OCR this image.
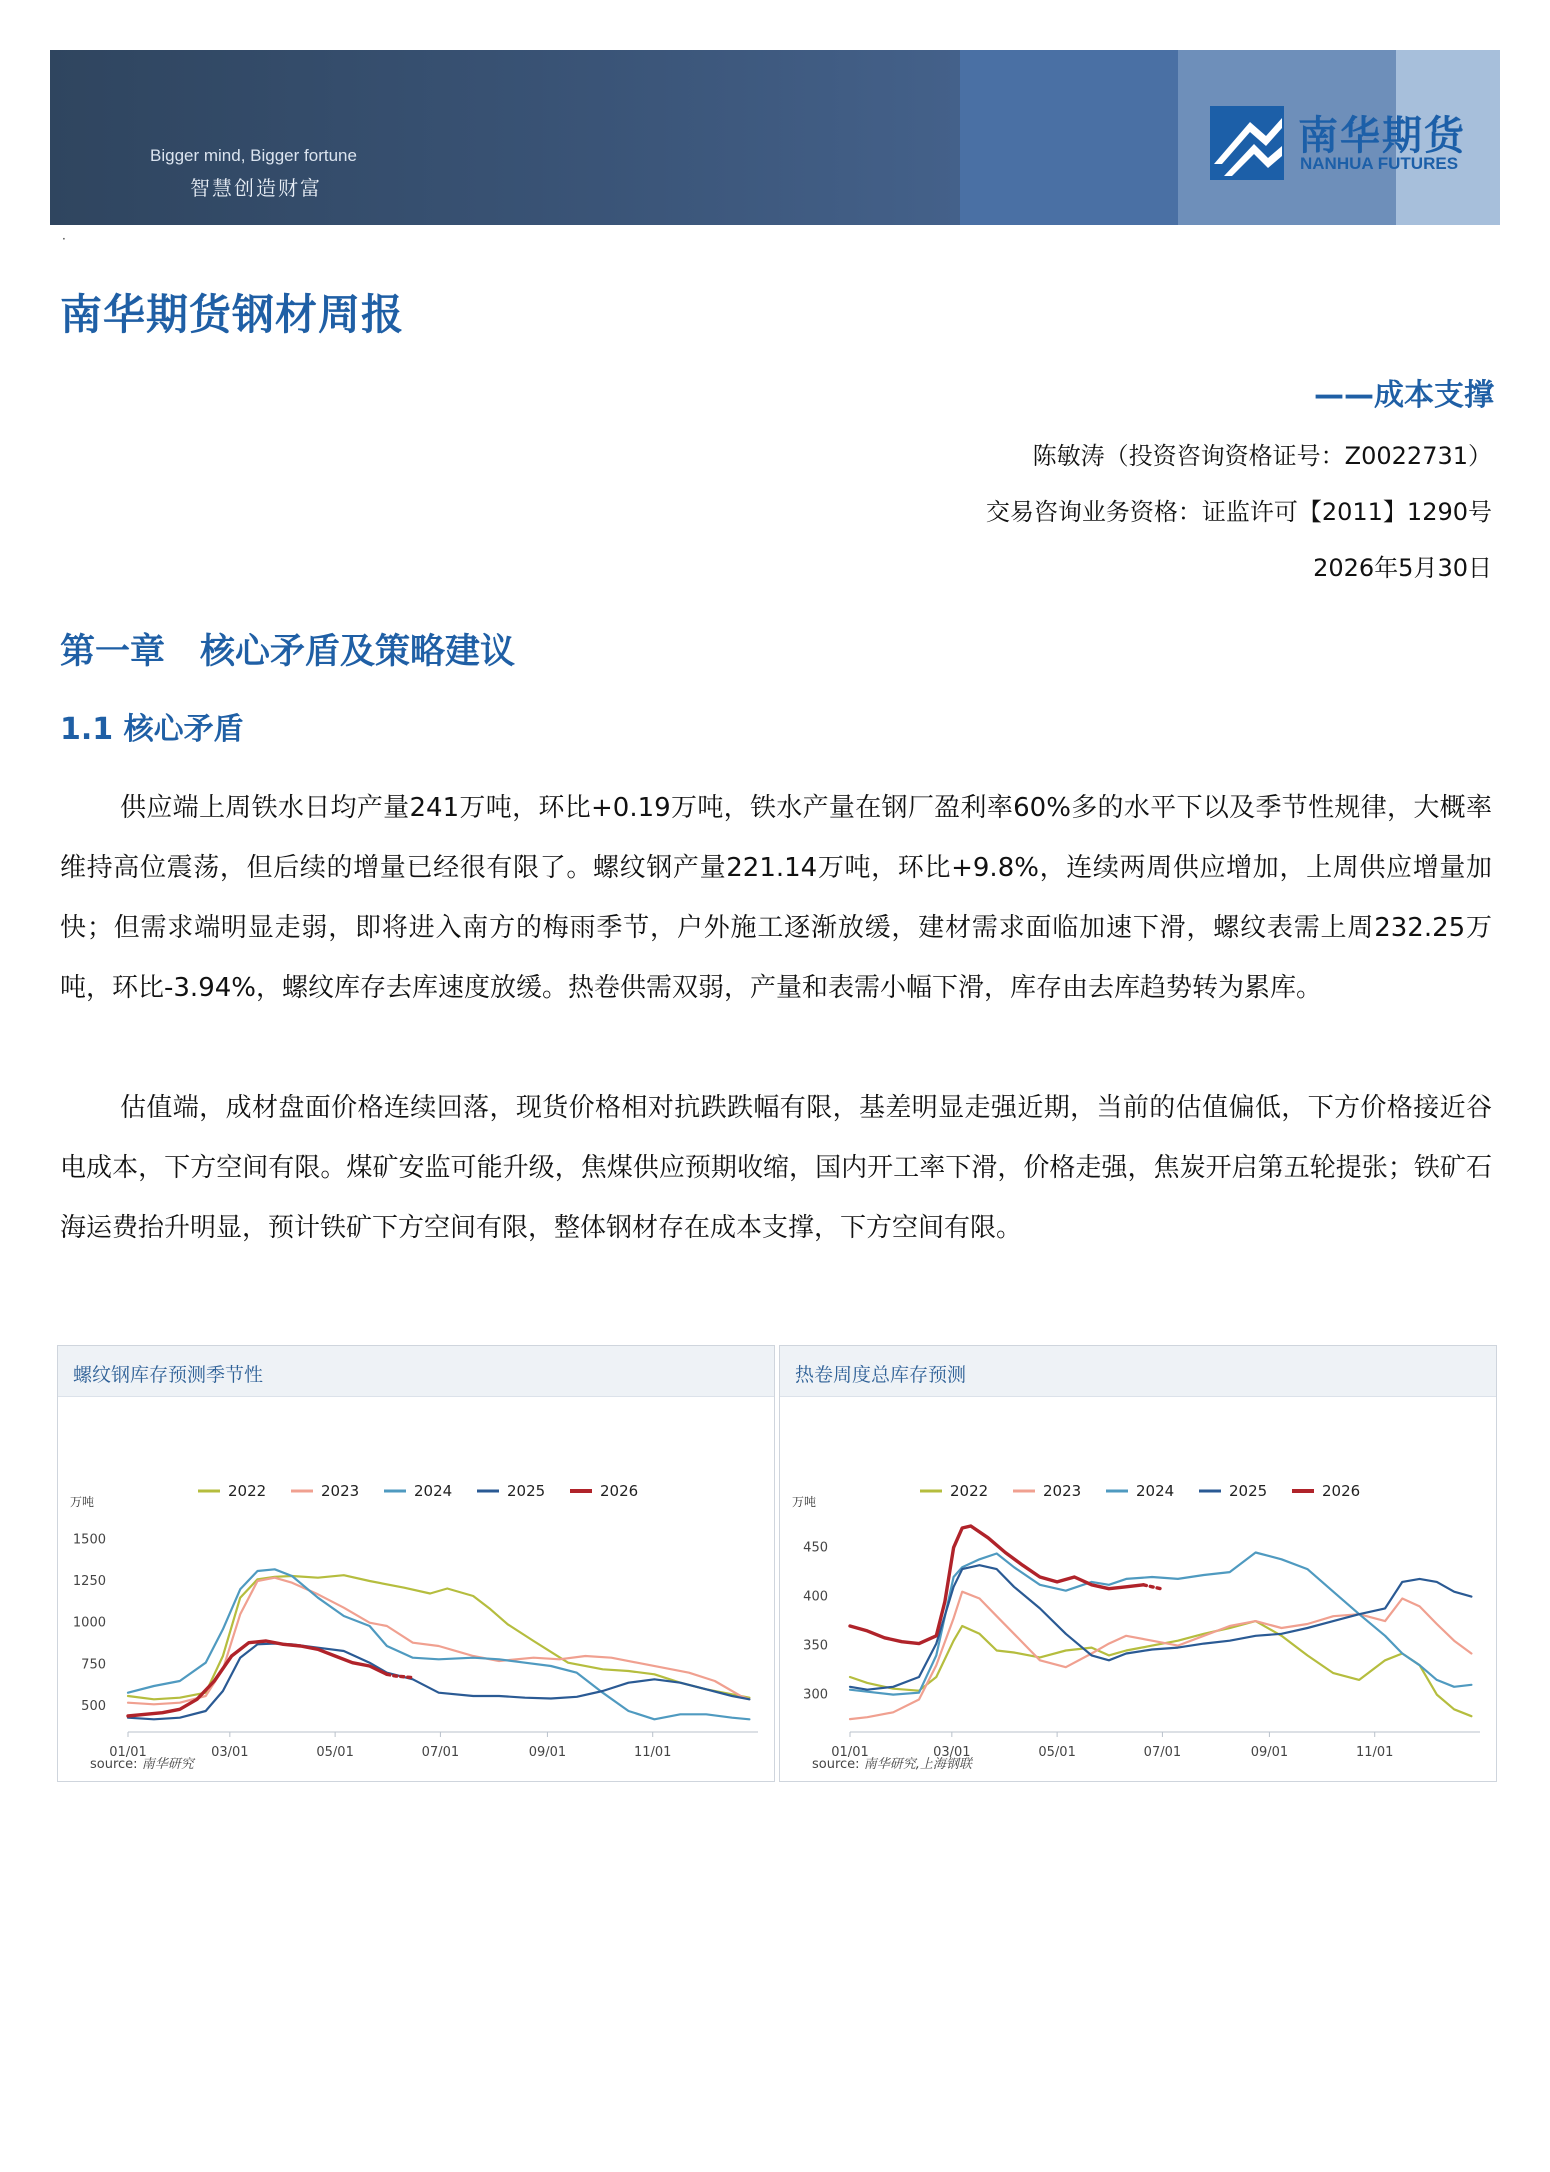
Bigger mind, Bigger fortune
智慧创造财富
南华期货
NANHUA FUTURES
·
南华期货钢材周报
——成本支撑
陈敏涛（投资咨询资格证号：Z0022731）
交易咨询业务资格：证监许可【2011】1290号
2026年5月30日
第一章　核心矛盾及策略建议
1.1 核心矛盾

供应端上周铁水日均产量241万吨，环比+0.19万吨，铁水产量在钢厂盈利率60%多的水平下以及季节性规律，大概率维持高位震荡，但后续的增量已经很有限了。螺纹钢产量221.14万吨，环比+9.8%，连续两周供应增加，上周供应增量加快；但需求端明显走弱，即将进入南方的梅雨季节，户外施工逐渐放缓，建材需求面临加速下滑，螺纹表需上周232.25万吨，环比-3.94%，螺纹库存去库速度放缓。热卷供需双弱，产量和表需小幅下滑，库存由去库趋势转为累库。

估值端，成材盘面价格连续回落，现货价格相对抗跌跌幅有限，基差明显走强近期，当前的估值偏低，下方价格接近谷电成本，下方空间有限。煤矿安监可能升级，焦煤供应预期收缩，国内开工率下滑，价格走强，焦炭开启第五轮提张；铁矿石海运费抬升明显，预计铁矿下方空间有限，整体钢材存在成本支撑，下方空间有限。

螺纹钢库存预测季节性
万吨
500
750
1000
1250
1500
01/01	03/01	05/01	07/01	09/01	11/01
2022	2023	2024	2025	2026
source: 南华研究
热卷周度总库存预测
万吨
300
350
400
450
01/01	03/01	05/01	07/01	09/01	11/01
2022	2023	2024	2025	2026
source: 南华研究,上海钢联
